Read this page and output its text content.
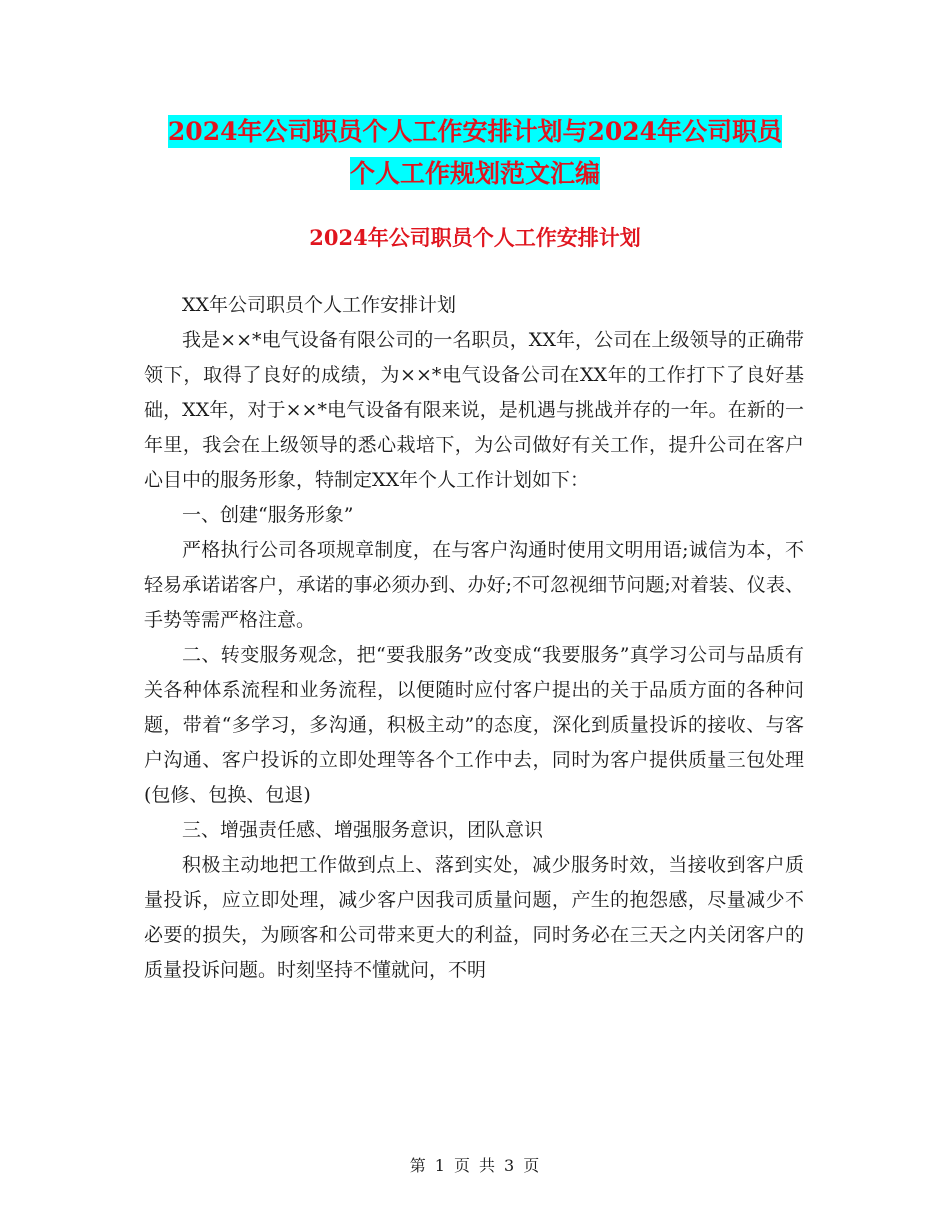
2024年公司职员个人工作安排计划与2024年公司职员
个人工作规划范文汇编
2024年公司职员个人工作安排计划

XX年公司职员个人工作安排计划

我是××*电气设备有限公司的一名职员，XX年，公司在上级领导的正确带领下，取得了良好的成绩，为××*电气设备公司在XX年的工作打下了良好基础，XX年，对于××*电气设备有限来说，是机遇与挑战并存的一年。在新的一年里，我会在上级领导的悉心栽培下，为公司做好有关工作，提升公司在客户心目中的服务形象，特制定XX年个人工作计划如下：

一、创建“服务形象”

严格执行公司各项规章制度，在与客户沟通时使用文明用语;诚信为本，不轻易承诺诺客户，承诺的事必须办到、办好;不可忽视细节问题;对着装、仪表、手势等需严格注意。

二、转变服务观念，把“要我服务”改变成“我要服务”真学习公司与品质有关各种体系流程和业务流程，以便随时应付客户提出的关于品质方面的各种问题，带着“多学习，多沟通，积极主动”的态度，深化到质量投诉的接收、与客户沟通、客户投诉的立即处理等各个工作中去，同时为客户提供质量三包处理(包修、包换、包退)

三、增强责任感、增强服务意识，团队意识

积极主动地把工作做到点上、落到实处，减少服务时效，当接收到客户质量投诉，应立即处理，减少客户因我司质量问题，产生的抱怨感，尽量减少不必要的损失，为顾客和公司带来更大的利益，同时务必在三天之内关闭客户的质量投诉问题。时刻坚持不懂就问，不明

第 1 页 共 3 页
